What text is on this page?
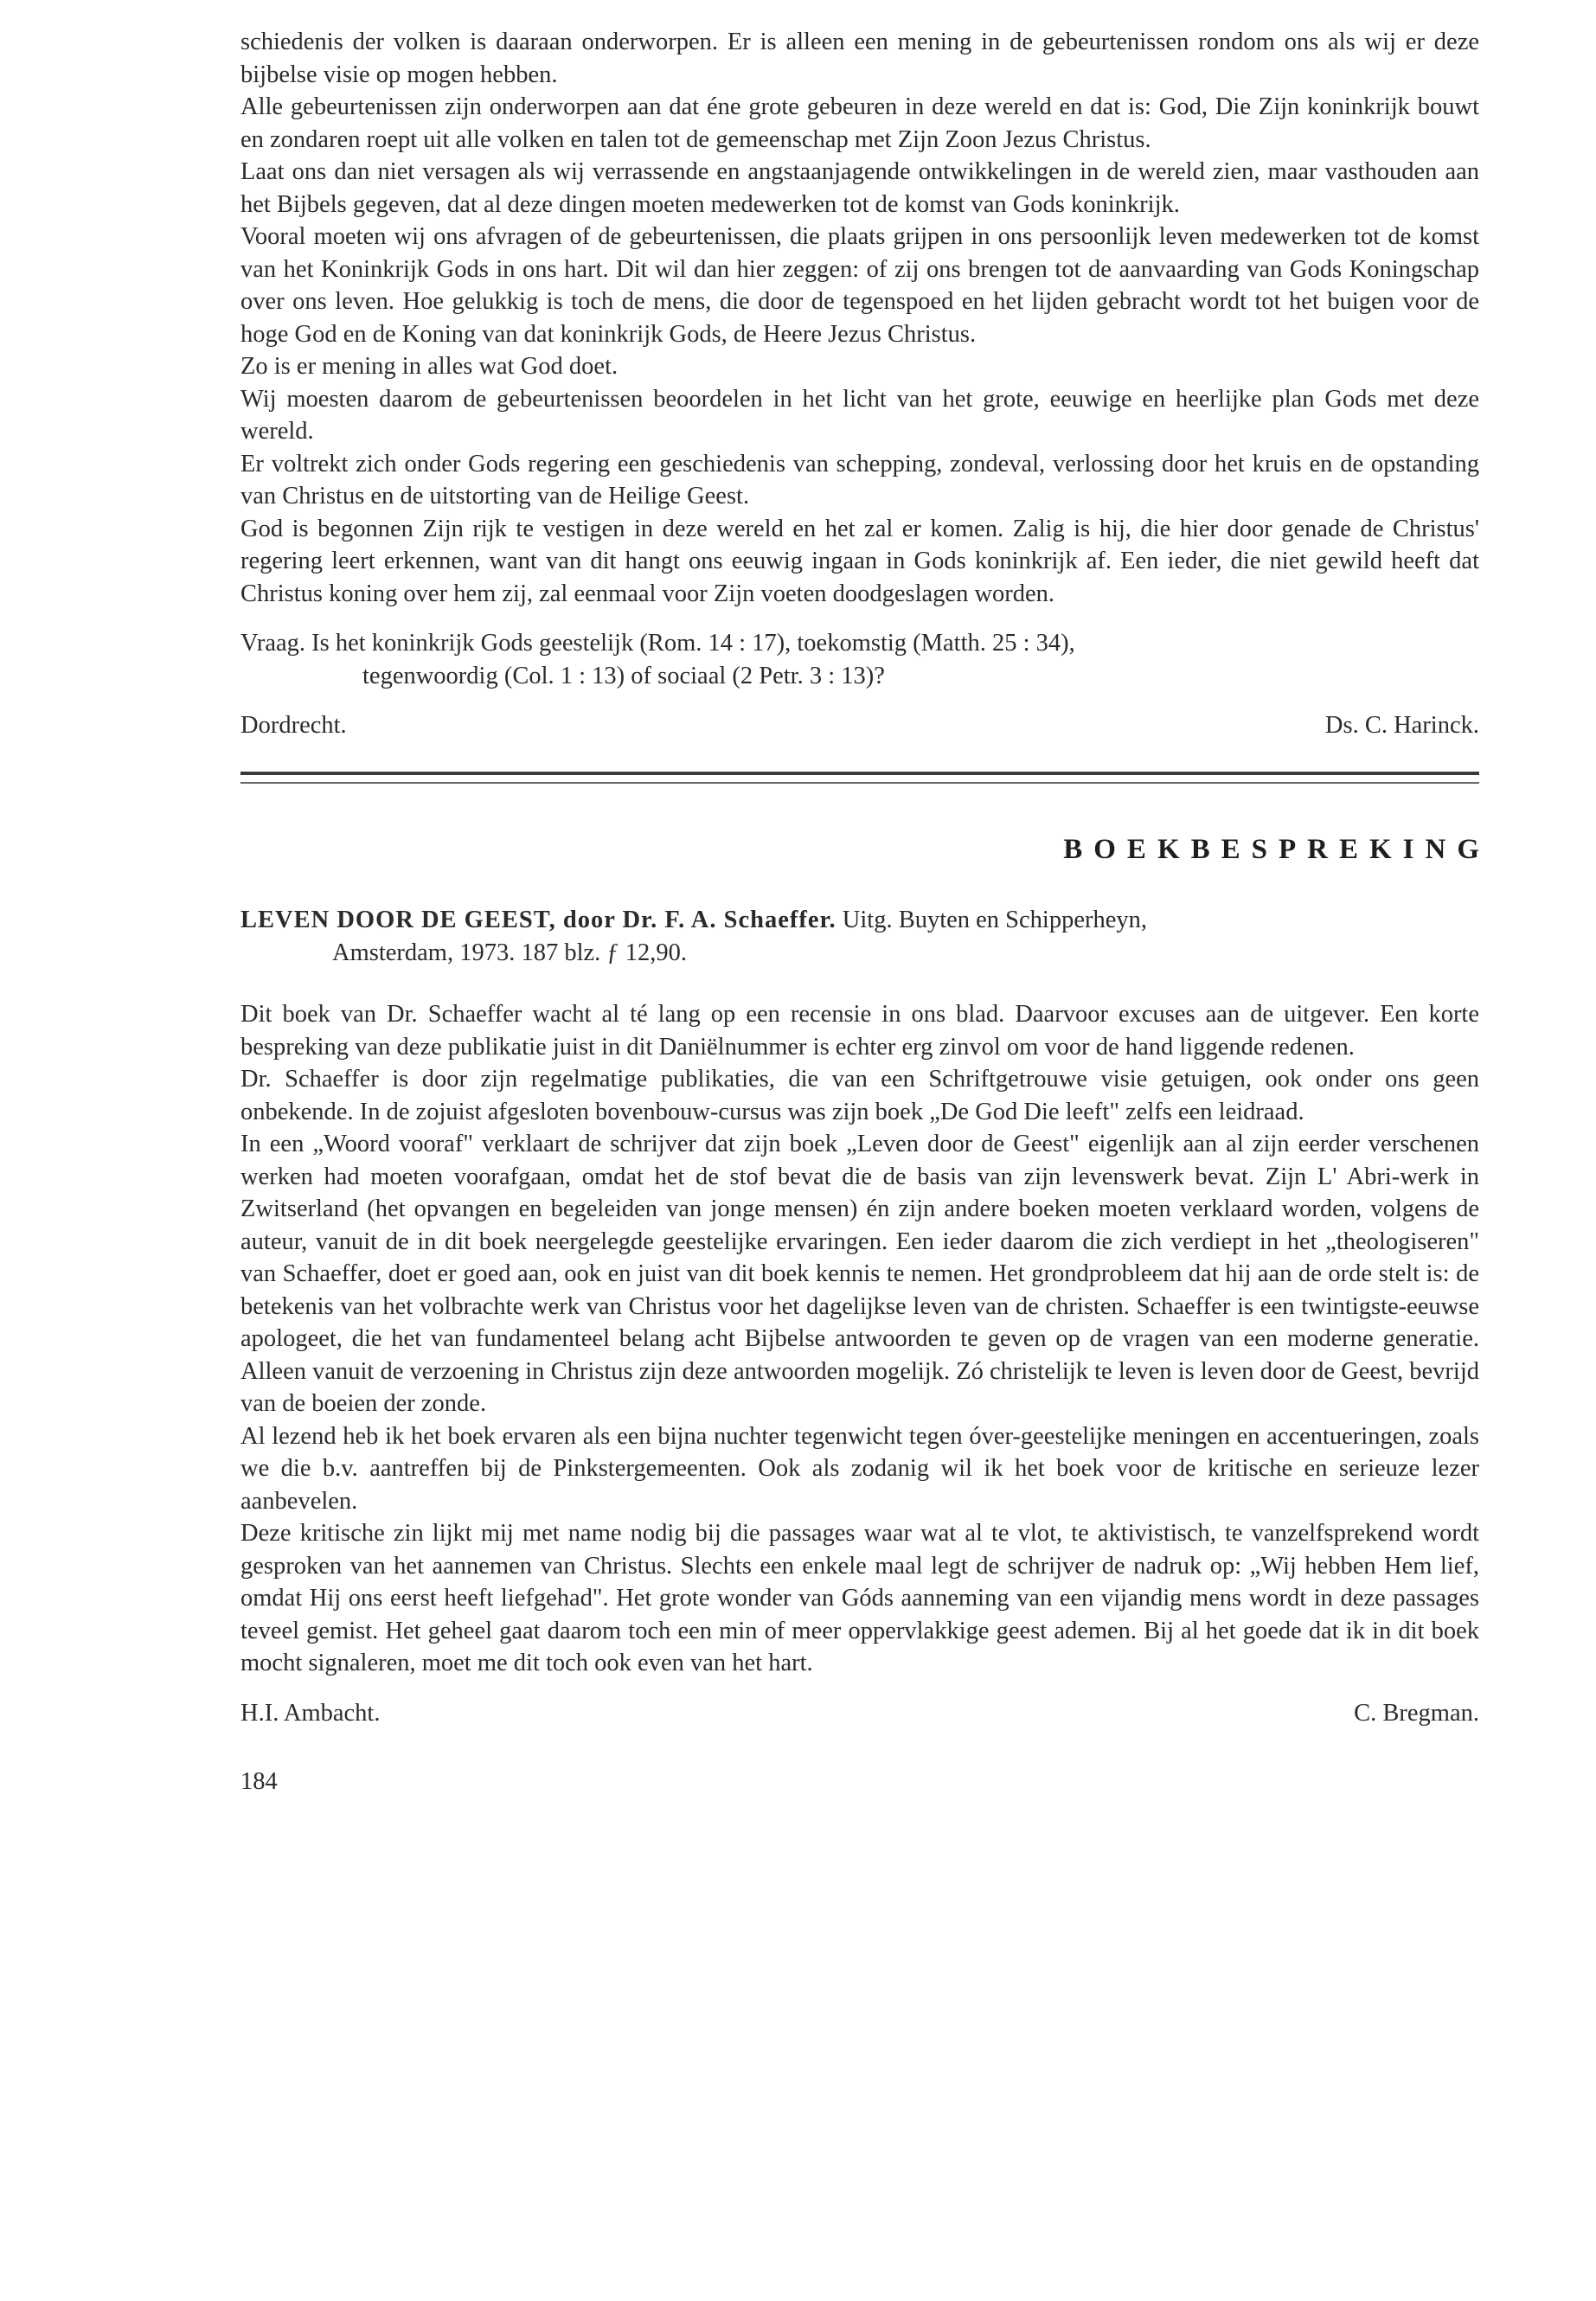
schiedenis der volken is daaraan onderworpen. Er is alleen een mening in de gebeurtenissen rondom ons als wij er deze bijbelse visie op mogen hebben.

Alle gebeurtenissen zijn onderworpen aan dat éne grote gebeuren in deze wereld en dat is: God, Die Zijn koninkrijk bouwt en zondaren roept uit alle volken en talen tot de gemeenschap met Zijn Zoon Jezus Christus.

Laat ons dan niet versagen als wij verrassende en angstaanjagende ontwikkelingen in de wereld zien, maar vasthouden aan het Bijbels gegeven, dat al deze dingen moeten medewerken tot de komst van Gods koninkrijk.

Vooral moeten wij ons afvragen of de gebeurtenissen, die plaats grijpen in ons persoonlijk leven medewerken tot de komst van het Koninkrijk Gods in ons hart. Dit wil dan hier zeggen: of zij ons brengen tot de aanvaarding van Gods Koningschap over ons leven. Hoe gelukkig is toch de mens, die door de tegenspoed en het lijden gebracht wordt tot het buigen voor de hoge God en de Koning van dat koninkrijk Gods, de Heere Jezus Christus.

Zo is er mening in alles wat God doet.

Wij moesten daarom de gebeurtenissen beoordelen in het licht van het grote, eeuwige en heerlijke plan Gods met deze wereld.

Er voltrekt zich onder Gods regering een geschiedenis van schepping, zondeval, verlossing door het kruis en de opstanding van Christus en de uitstorting van de Heilige Geest.

God is begonnen Zijn rijk te vestigen in deze wereld en het zal er komen. Zalig is hij, die hier door genade de Christus' regering leert erkennen, want van dit hangt ons eeuwig ingaan in Gods koninkrijk af. Een ieder, die niet gewild heeft dat Christus koning over hem zij, zal eenmaal voor Zijn voeten doodgeslagen worden.

Vraag. Is het koninkrijk Gods geestelijk (Rom. 14 : 17), toekomstig (Matth. 25 : 34),
tegenwoordig (Col. 1 : 13) of sociaal (2 Petr. 3 : 13)?

Dordrecht.	Ds. C. Harinck.

BOEKBESPREKING

LEVEN DOOR DE GEEST, door Dr. F. A. Schaeffer. Uitg. Buyten en Schipperheyn,
Amsterdam, 1973. 187 blz. ƒ 12,90.

Dit boek van Dr. Schaeffer wacht al té lang op een recensie in ons blad. Daarvoor excuses aan de uitgever. Een korte bespreking van deze publikatie juist in dit Daniëlnummer is echter erg zinvol om voor de hand liggende redenen.

Dr. Schaeffer is door zijn regelmatige publikaties, die van een Schriftgetrouwe visie getuigen, ook onder ons geen onbekende. In de zojuist afgesloten bovenbouw-cursus was zijn boek „De God Die leeft" zelfs een leidraad.

In een „Woord vooraf" verklaart de schrijver dat zijn boek „Leven door de Geest" eigenlijk aan al zijn eerder verschenen werken had moeten voorafgaan, omdat het de stof bevat die de basis van zijn levenswerk bevat. Zijn L' Abri-werk in Zwitserland (het opvangen en begeleiden van jonge mensen) én zijn andere boeken moeten verklaard worden, volgens de auteur, vanuit de in dit boek neergelegde geestelijke ervaringen. Een ieder daarom die zich verdiept in het „theologiseren" van Schaeffer, doet er goed aan, ook en juist van dit boek kennis te nemen. Het grondprobleem dat hij aan de orde stelt is: de betekenis van het volbrachte werk van Christus voor het dagelijkse leven van de christen. Schaeffer is een twintigste-eeuwse apologeet, die het van fundamenteel belang acht Bijbelse antwoorden te geven op de vragen van een moderne generatie. Alleen vanuit de verzoening in Christus zijn deze antwoorden mogelijk. Zó christelijk te leven is leven door de Geest, bevrijd van de boeien der zonde.

Al lezend heb ik het boek ervaren als een bijna nuchter tegenwicht tegen óver-geestelijke meningen en accentueringen, zoals we die b.v. aantreffen bij de Pinkstergemeenten. Ook als zodanig wil ik het boek voor de kritische en serieuze lezer aanbevelen.

Deze kritische zin lijkt mij met name nodig bij die passages waar wat al te vlot, te aktivistisch, te vanzelfsprekend wordt gesproken van het aannemen van Christus. Slechts een enkele maal legt de schrijver de nadruk op: „Wij hebben Hem lief, omdat Hij ons eerst heeft liefgehad". Het grote wonder van Góds aanneming van een vijandig mens wordt in deze passages teveel gemist. Het geheel gaat daarom toch een min of meer oppervlakkige geest ademen. Bij al het goede dat ik in dit boek mocht signaleren, moet me dit toch ook even van het hart.

H.I. Ambacht.	C. Bregman.

184
